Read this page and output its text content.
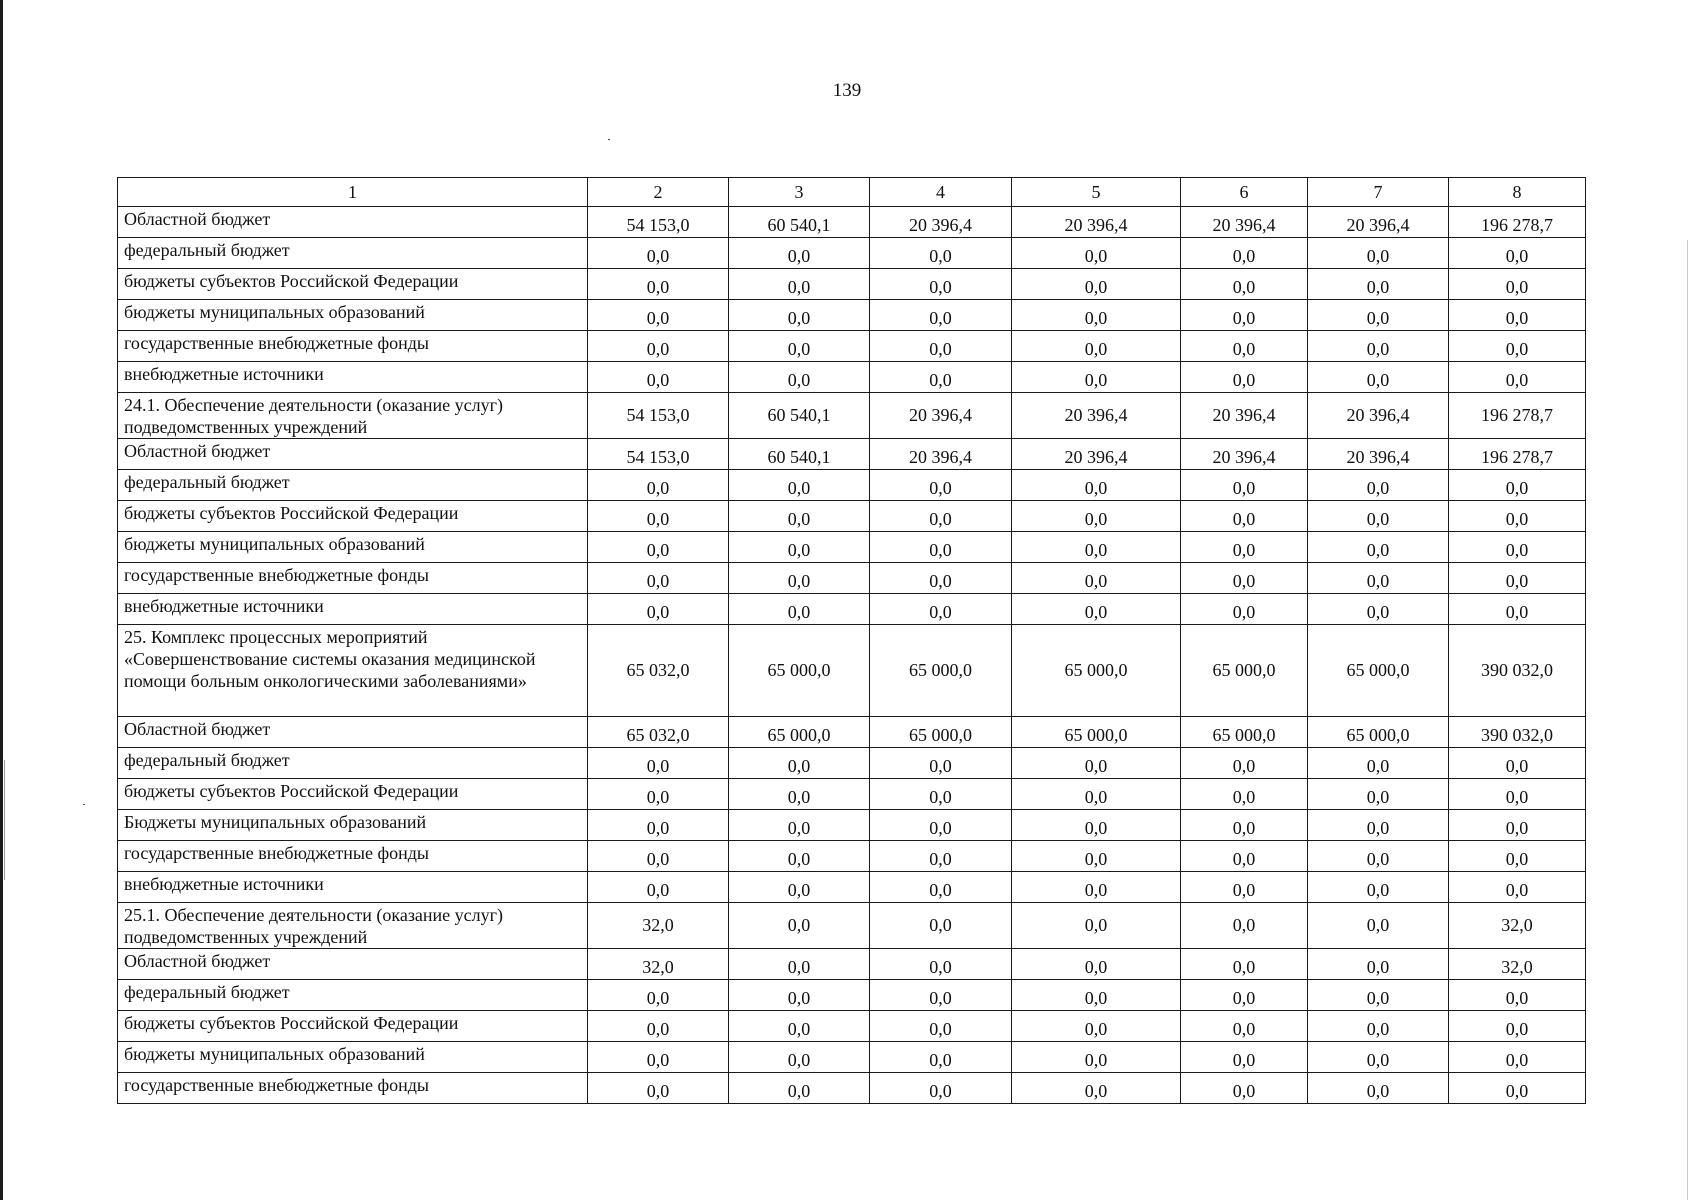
139
1	2	3	4	5	6	7	8
Областной бюджет	54 153,0	60 540,1	20 396,4	20 396,4	20 396,4	20 396,4	196 278,7
федеральный бюджет	0,0	0,0	0,0	0,0	0,0	0,0	0,0
бюджеты субъектов Российской Федерации	0,0	0,0	0,0	0,0	0,0	0,0	0,0
бюджеты муниципальных образований	0,0	0,0	0,0	0,0	0,0	0,0	0,0
государственные внебюджетные фонды	0,0	0,0	0,0	0,0	0,0	0,0	0,0
внебюджетные источники	0,0	0,0	0,0	0,0	0,0	0,0	0,0
24.1. Обеспечение деятельности (оказание услуг) подведомственных учреждений	54 153,0	60 540,1	20 396,4	20 396,4	20 396,4	20 396,4	196 278,7
Областной бюджет	54 153,0	60 540,1	20 396,4	20 396,4	20 396,4	20 396,4	196 278,7
федеральный бюджет	0,0	0,0	0,0	0,0	0,0	0,0	0,0
бюджеты субъектов Российской Федерации	0,0	0,0	0,0	0,0	0,0	0,0	0,0
бюджеты муниципальных образований	0,0	0,0	0,0	0,0	0,0	0,0	0,0
государственные внебюджетные фонды	0,0	0,0	0,0	0,0	0,0	0,0	0,0
внебюджетные источники	0,0	0,0	0,0	0,0	0,0	0,0	0,0
25. Комплекс процессных мероприятий «Совершенствование системы оказания медицинской помощи больным онкологическими заболеваниями»	65 032,0	65 000,0	65 000,0	65 000,0	65 000,0	65 000,0	390 032,0
Областной бюджет	65 032,0	65 000,0	65 000,0	65 000,0	65 000,0	65 000,0	390 032,0
федеральный бюджет	0,0	0,0	0,0	0,0	0,0	0,0	0,0
бюджеты субъектов Российской Федерации	0,0	0,0	0,0	0,0	0,0	0,0	0,0
Бюджеты муниципальных образований	0,0	0,0	0,0	0,0	0,0	0,0	0,0
государственные внебюджетные фонды	0,0	0,0	0,0	0,0	0,0	0,0	0,0
внебюджетные источники	0,0	0,0	0,0	0,0	0,0	0,0	0,0
25.1. Обеспечение деятельности (оказание услуг) подведомственных учреждений	32,0	0,0	0,0	0,0	0,0	0,0	32,0
Областной бюджет	32,0	0,0	0,0	0,0	0,0	0,0	32,0
федеральный бюджет	0,0	0,0	0,0	0,0	0,0	0,0	0,0
бюджеты субъектов Российской Федерации	0,0	0,0	0,0	0,0	0,0	0,0	0,0
бюджеты муниципальных образований	0,0	0,0	0,0	0,0	0,0	0,0	0,0
государственные внебюджетные фонды	0,0	0,0	0,0	0,0	0,0	0,0	0,0
